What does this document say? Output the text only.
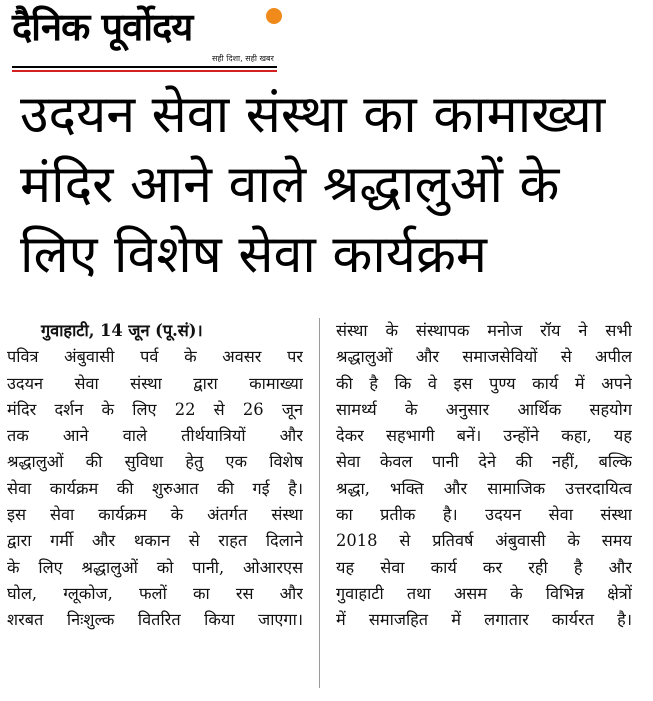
दैनिक पूर्वोदय
सही दिशा, सही खबर
उदयन सेवा संस्था का कामाख्या
मंदिर आने वाले श्रद्धालुओं के
लिए विशेष सेवा कार्यक्रम
गुवाहाटी, 14 जून (पू.सं)।
पवित्र अंबुवासी पर्व के अवसर पर
उदयन सेवा संस्था द्वारा कामाख्या
मंदिर दर्शन के लिए 22 से 26 जून
तक आने वाले तीर्थयात्रियों और
श्रद्धालुओं की सुविधा हेतु एक विशेष
सेवा कार्यक्रम की शुरुआत की गई है।
इस सेवा कार्यक्रम के अंतर्गत संस्था
द्वारा गर्मी और थकान से राहत दिलाने
के लिए श्रद्धालुओं को पानी, ओआरएस
घोल, ग्लूकोज, फलों का रस और
शरबत निःशुल्क वितरित किया जाएगा।
संस्था के संस्थापक मनोज रॉय ने सभी
श्रद्धालुओं और समाजसेवियों से अपील
की है कि वे इस पुण्य कार्य में अपने
सामर्थ्य के अनुसार आर्थिक सहयोग
देकर सहभागी बनें। उन्होंने कहा, यह
सेवा केवल पानी देने की नहीं, बल्कि
श्रद्धा, भक्ति और सामाजिक उत्तरदायित्व
का प्रतीक है। उदयन सेवा संस्था
2018 से प्रतिवर्ष अंबुवासी के समय
यह सेवा कार्य कर रही है और
गुवाहाटी तथा असम के विभिन्न क्षेत्रों
में समाजहित में लगातार कार्यरत है।
